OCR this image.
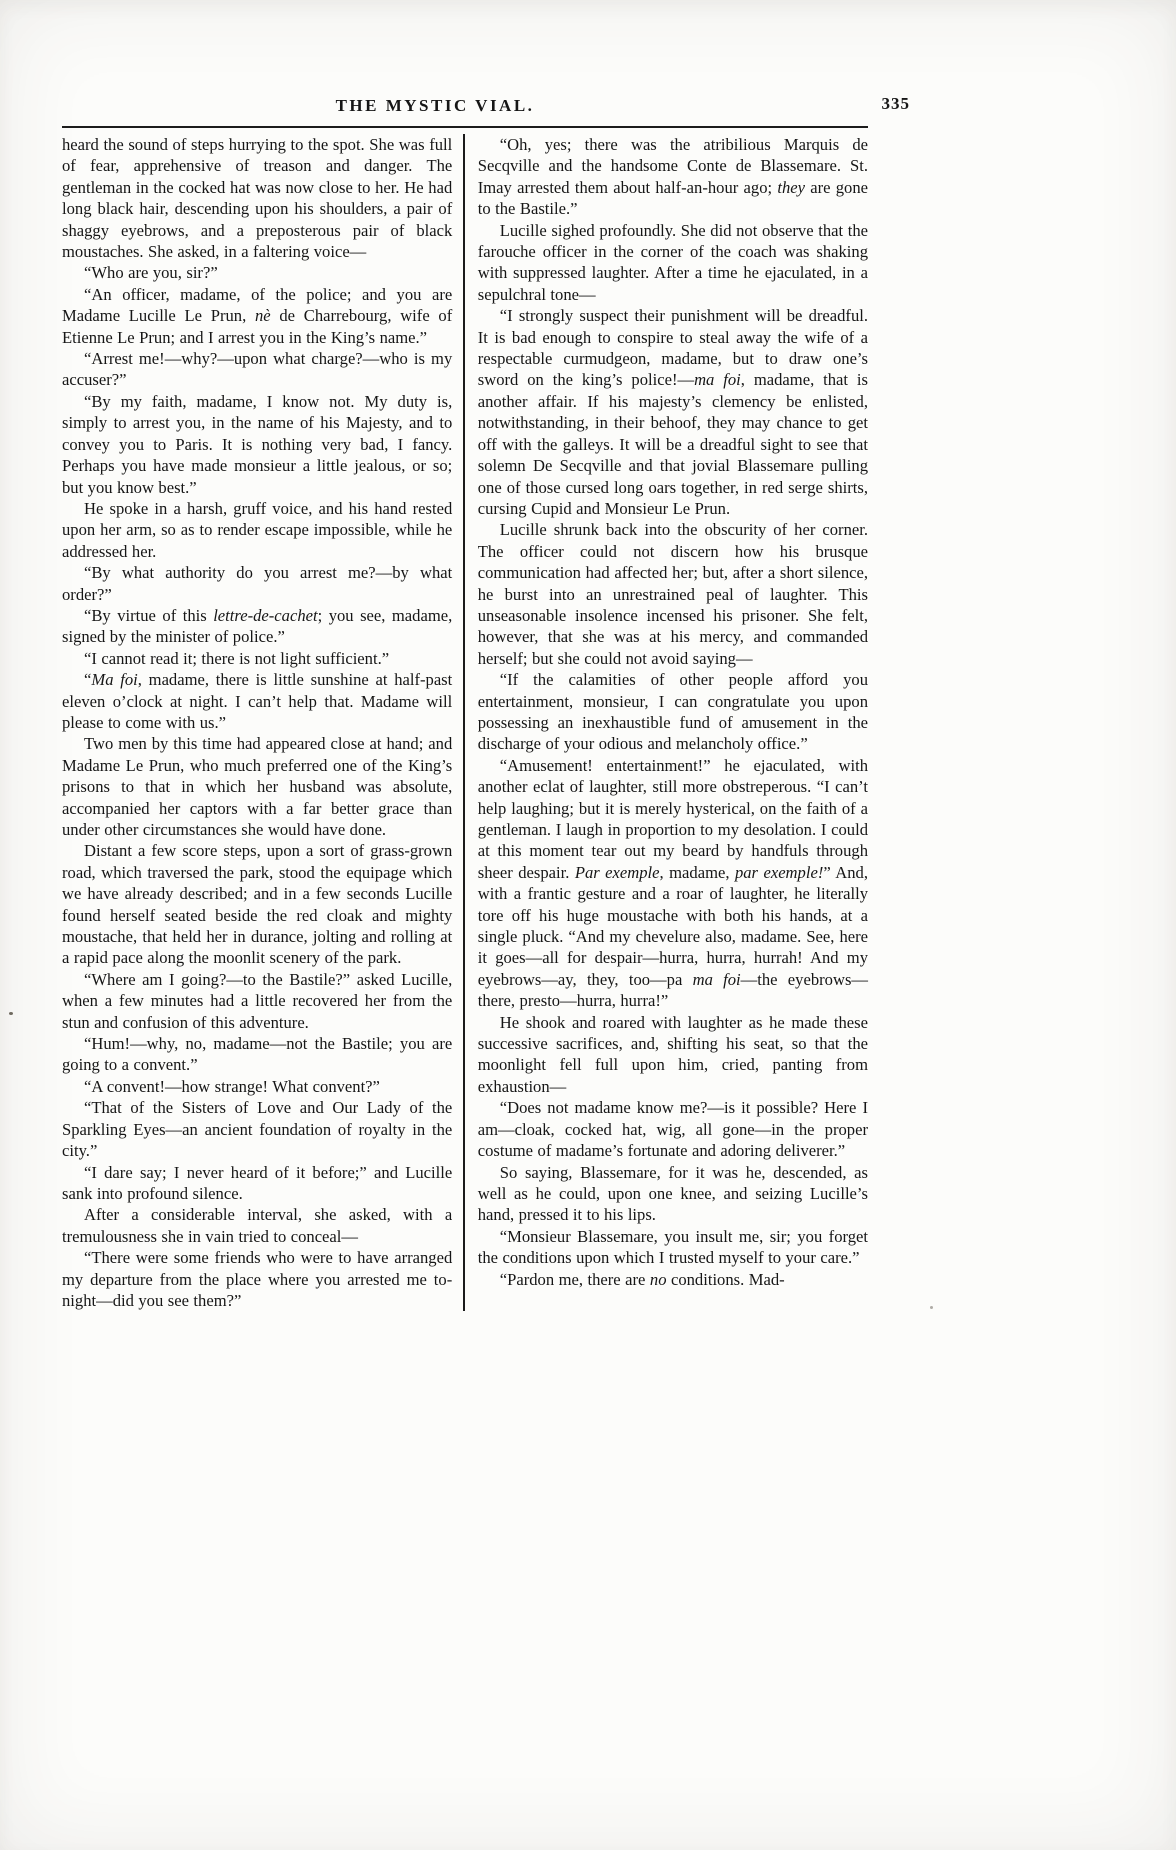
THE MYSTIC VIAL.	335

heard the sound of steps hurrying to the spot. She was full of fear, apprehensive of treason and danger. The gentleman in the cocked hat was now close to her. He had long black hair, descending upon his shoulders, a pair of shaggy eyebrows, and a preposterous pair of black moustaches. She asked, in a faltering voice—

“Who are you, sir?”

“An officer, madame, of the police; and you are Madame Lucille Le Prun, nè de Charrebourg, wife of Etienne Le Prun; and I arrest you in the King’s name.”

“Arrest me!—why?—upon what charge?—who is my accuser?”

“By my faith, madame, I know not. My duty is, simply to arrest you, in the name of his Majesty, and to convey you to Paris. It is nothing very bad, I fancy. Perhaps you have made monsieur a little jealous, or so; but you know best.”

He spoke in a harsh, gruff voice, and his hand rested upon her arm, so as to render escape impossible, while he addressed her.

“By what authority do you arrest me?—by what order?”

“By virtue of this lettre-de-cachet; you see, madame, signed by the minister of police.”

“I cannot read it; there is not light sufficient.”

“Ma foi, madame, there is little sunshine at half-past eleven o’clock at night. I can’t help that. Madame will please to come with us.”

Two men by this time had appeared close at hand; and Madame Le Prun, who much preferred one of the King’s prisons to that in which her husband was absolute, accompanied her captors with a far better grace than under other circumstances she would have done.

Distant a few score steps, upon a sort of grass-grown road, which traversed the park, stood the equipage which we have already described; and in a few seconds Lucille found herself seated beside the red cloak and mighty moustache, that held her in durance, jolting and rolling at a rapid pace along the moonlit scenery of the park.

“Where am I going?—to the Bastile?” asked Lucille, when a few minutes had a little recovered her from the stun and confusion of this adventure.

“Hum!—why, no, madame—not the Bastile; you are going to a convent.”

“A convent!—how strange! What convent?”

“That of the Sisters of Love and Our Lady of the Sparkling Eyes—an ancient foundation of royalty in the city.”

“I dare say; I never heard of it before;” and Lucille sank into profound silence.

After a considerable interval, she asked, with a tremulousness she in vain tried to conceal—

“There were some friends who were to have arranged my departure from the place where you arrested me to-night—did you see them?”

“Oh, yes; there was the atribilious Marquis de Secqville and the handsome Conte de Blassemare. St. Imay arrested them about half-an-hour ago; they are gone to the Bastile.”

Lucille sighed profoundly. She did not observe that the farouche officer in the corner of the coach was shaking with suppressed laughter. After a time he ejaculated, in a sepulchral tone—

“I strongly suspect their punishment will be dreadful. It is bad enough to conspire to steal away the wife of a respectable curmudgeon, madame, but to draw one’s sword on the king’s police!—ma foi, madame, that is another affair. If his majesty’s clemency be enlisted, notwithstanding, in their behoof, they may chance to get off with the galleys. It will be a dreadful sight to see that solemn De Secqville and that jovial Blassemare pulling one of those cursed long oars together, in red serge shirts, cursing Cupid and Monsieur Le Prun.

Lucille shrunk back into the obscurity of her corner. The officer could not discern how his brusque communication had affected her; but, after a short silence, he burst into an unrestrained peal of laughter. This unseasonable insolence incensed his prisoner. She felt, however, that she was at his mercy, and commanded herself; but she could not avoid saying—

“If the calamities of other people afford you entertainment, monsieur, I can congratulate you upon possessing an inexhaustible fund of amusement in the discharge of your odious and melancholy office.”

“Amusement! entertainment!” he ejaculated, with another eclat of laughter, still more obstreperous. “I can’t help laughing; but it is merely hysterical, on the faith of a gentleman. I laugh in proportion to my desolation. I could at this moment tear out my beard by handfuls through sheer despair. Par exemple, madame, par exemple!” And, with a frantic gesture and a roar of laughter, he literally tore off his huge moustache with both his hands, at a single pluck. “And my chevelure also, madame. See, here it goes—all for despair—hurra, hurra, hurrah! And my eyebrows—ay, they, too—pa ma foi—the eyebrows—there, presto—hurra, hurra!”

He shook and roared with laughter as he made these successive sacrifices, and, shifting his seat, so that the moonlight fell full upon him, cried, panting from exhaustion—

“Does not madame know me?—is it possible? Here I am—cloak, cocked hat, wig, all gone—in the proper costume of madame’s fortunate and adoring deliverer.”

So saying, Blassemare, for it was he, descended, as well as he could, upon one knee, and seizing Lucille’s hand, pressed it to his lips.

“Monsieur Blassemare, you insult me, sir; you forget the conditions upon which I trusted myself to your care.”

“Pardon me, there are no conditions. Mad-
